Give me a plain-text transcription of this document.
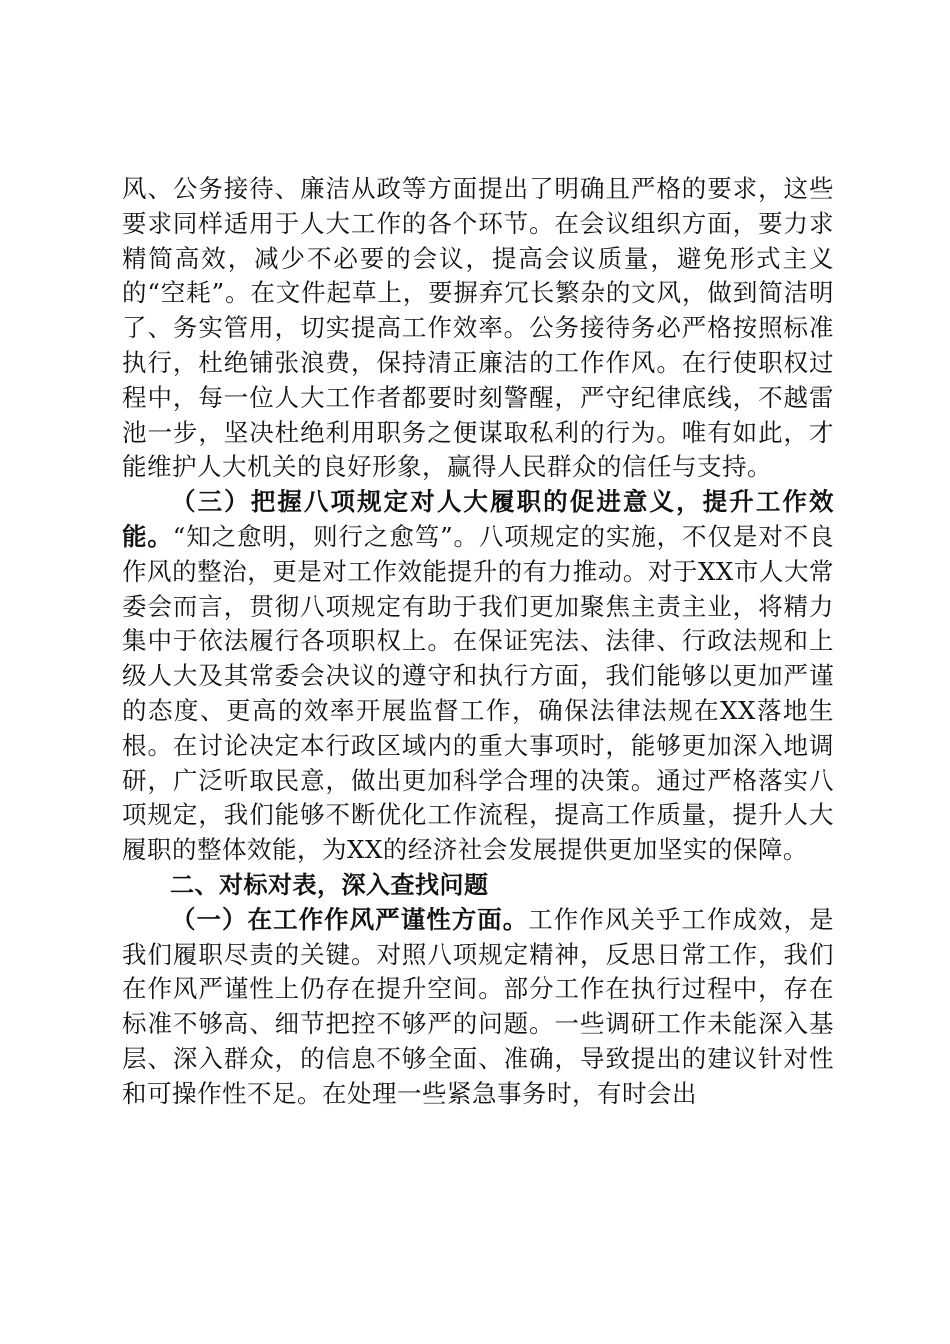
风、公务接待、廉洁从政等方面提出了明确且严格的要求，这些要求同样适用于人大工作的各个环节。在会议组织方面，要力求精简高效，减少不必要的会议，提高会议质量，避免形式主义的“空耗”。在文件起草上，要摒弃冗长繁杂的文风，做到简洁明了、务实管用，切实提高工作效率。公务接待务必严格按照标准执行，杜绝铺张浪费，保持清正廉洁的工作作风。在行使职权过程中，每一位人大工作者都要时刻警醒，严守纪律底线，不越雷池一步，坚决杜绝利用职务之便谋取私利的行为。唯有如此，才能维护人大机关的良好形象，赢得人民群众的信任与支持。

（三）把握八项规定对人大履职的促进意义，提升工作效能。“知之愈明，则行之愈笃”。八项规定的实施，不仅是对不良作风的整治，更是对工作效能提升的有力推动。对于XX市人大常委会而言，贯彻八项规定有助于我们更加聚焦主责主业，将精力集中于依法履行各项职权上。在保证宪法、法律、行政法规和上级人大及其常委会决议的遵守和执行方面，我们能够以更加严谨的态度、更高的效率开展监督工作，确保法律法规在XX落地生根。在讨论决定本行政区域内的重大事项时，能够更加深入地调研，广泛听取民意，做出更加科学合理的决策。通过严格落实八项规定，我们能够不断优化工作流程，提高工作质量，提升人大履职的整体效能，为XX的经济社会发展提供更加坚实的保障。

二、对标对表，深入查找问题

（一）在工作作风严谨性方面。工作作风关乎工作成效，是我们履职尽责的关键。对照八项规定精神，反思日常工作，我们在作风严谨性上仍存在提升空间。部分工作在执行过程中，存在标准不够高、细节把控不够严的问题。一些调研工作未能深入基层、深入群众，的信息不够全面、准确，导致提出的建议针对性和可操作性不足。在处理一些紧急事务时，有时会出
